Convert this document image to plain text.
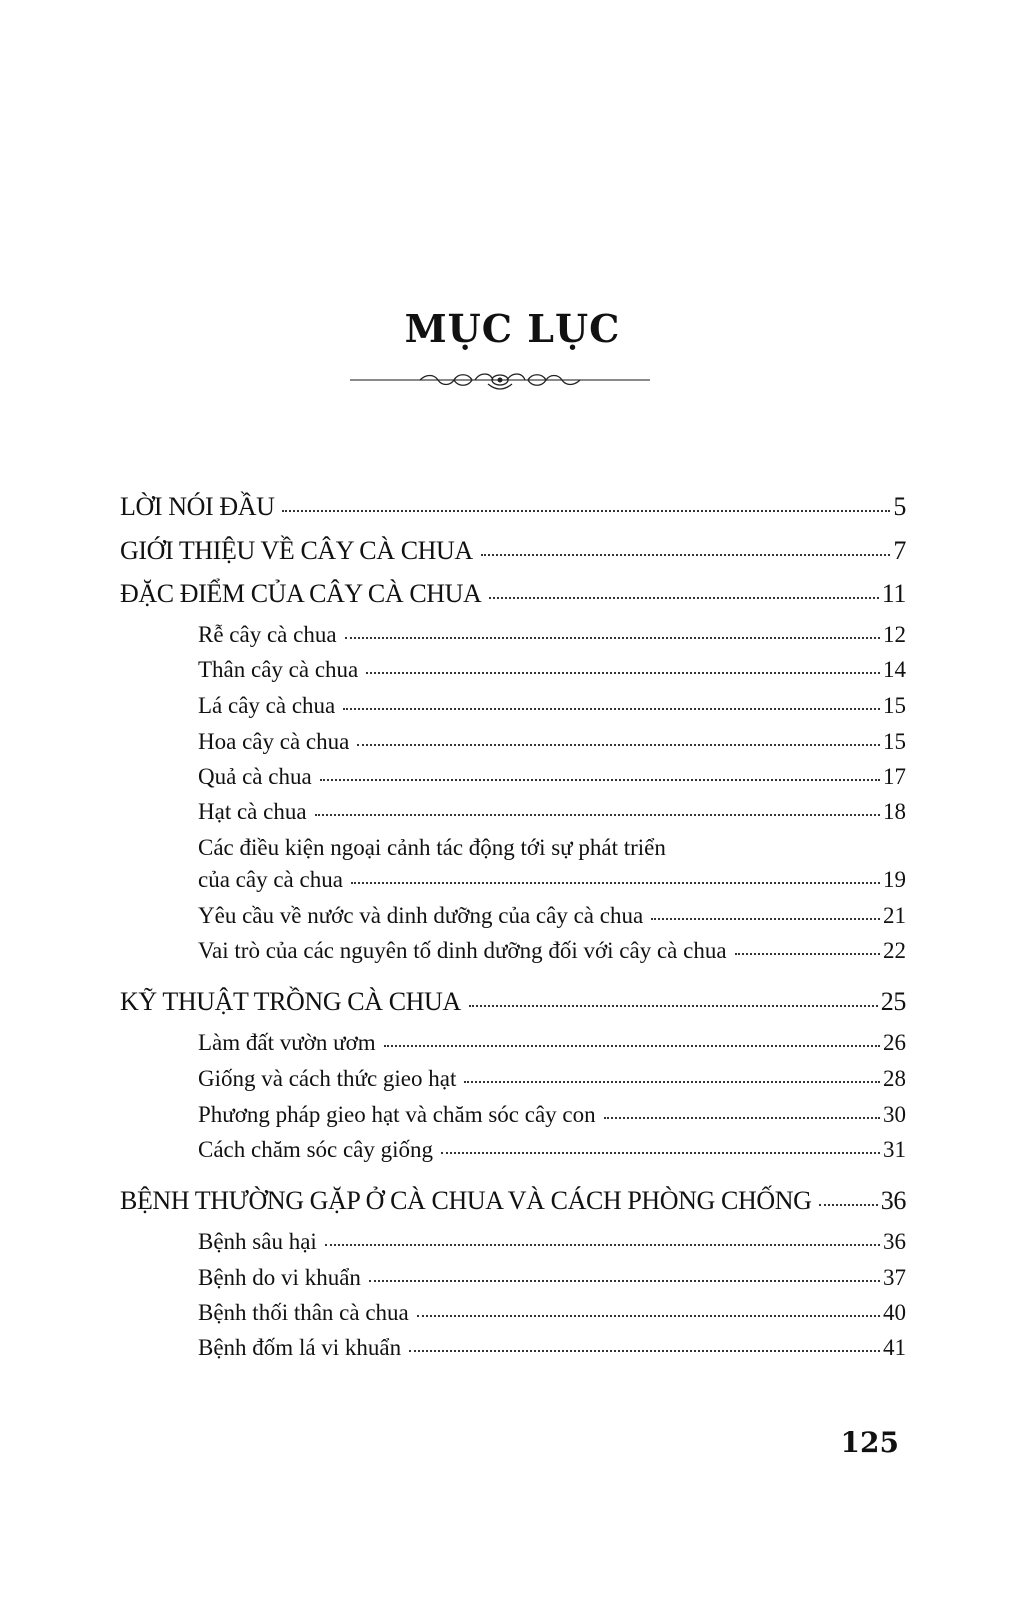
MỤC LỤC
LỜI NÓI ĐẦU	5
GIỚI THIỆU VỀ CÂY CÀ CHUA	7
ĐẶC ĐIỂM CỦA CÂY CÀ CHUA	11
Rễ cây cà chua	12
Thân cây cà chua	14
Lá cây cà chua	15
Hoa cây cà chua	15
Quả cà chua	17
Hạt cà chua	18
Các điều kiện ngoại cảnh tác động tới sự phát triển
của cây cà chua	19
Yêu cầu về nước và dinh dưỡng của cây cà chua	21
Vai trò của các nguyên tố dinh dưỡng đối với cây cà chua	22
KỸ THUẬT TRỒNG CÀ CHUA	25
Làm đất vườn ươm	26
Giống và cách thức gieo hạt	28
Phương pháp gieo hạt và chăm sóc cây con	30
Cách chăm sóc cây giống	31
BỆNH THƯỜNG GẶP Ở CÀ CHUA VÀ CÁCH PHÒNG CHỐNG	36
Bệnh sâu hại	36
Bệnh do vi khuẩn	37
Bệnh thối thân cà chua	40
Bệnh đốm lá vi khuẩn	41
125
